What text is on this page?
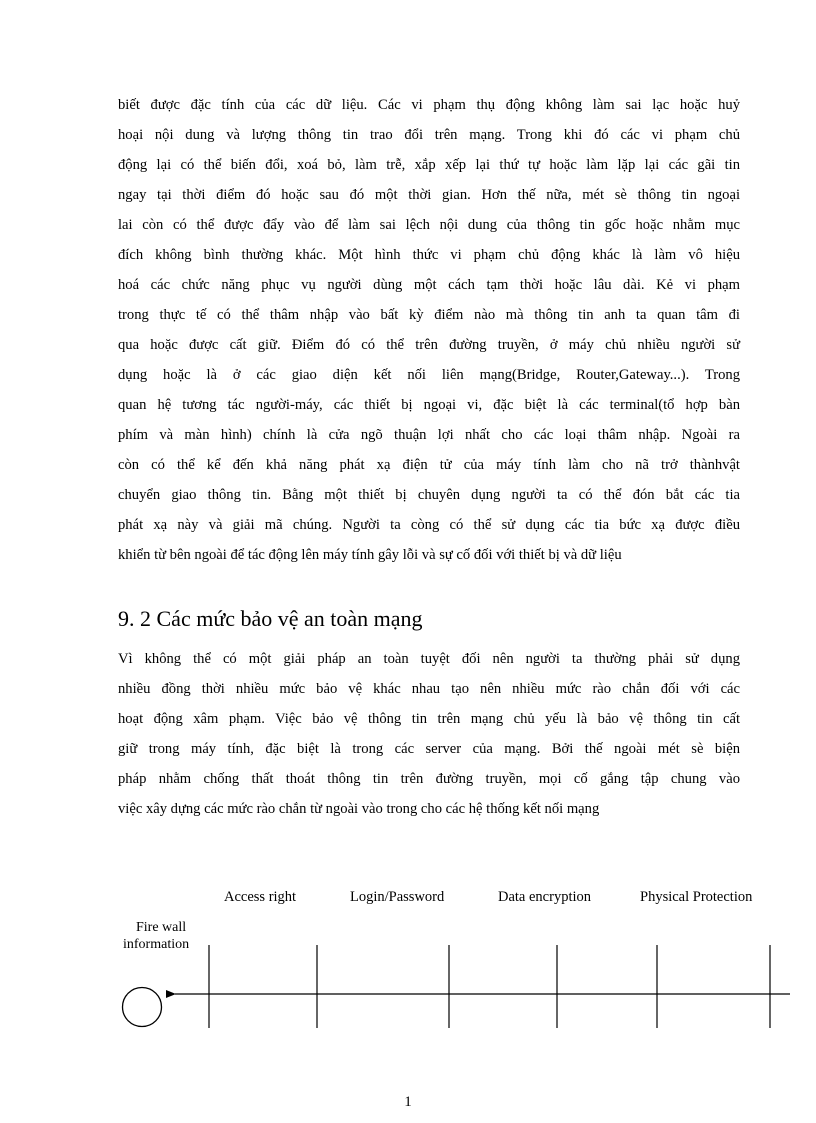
biết được đặc tính của các dữ liệu. Các vi phạm thụ động không làm sai lạc hoặc huỷ
hoại nội dung và lượng thông tin trao đổi trên mạng. Trong khi đó các vi phạm chủ
động lại có thể biến đổi, xoá bỏ, làm trễ, xắp xếp lại thứ tự hoặc làm lặp lại các gãi tin
ngay tại thời điểm đó hoặc sau đó một thời gian. Hơn thế nữa, mét sè thông tin ngoại
lai còn có thể được đẩy vào để làm sai lệch nội dung của thông tin gốc hoặc nhằm mục
đích không bình thường khác. Một hình thức vi phạm chủ động khác là làm vô hiệu
hoá các chức năng phục vụ người dùng một cách tạm thời hoặc lâu dài. Kẻ vi phạm
trong thực tế có thể thâm nhập vào bất kỳ điểm nào mà thông tin anh ta quan tâm đi
qua hoặc được cất giữ. Điểm đó có thể trên đường truyền, ở máy chủ nhiều người sử
dụng hoặc là ở các giao diện kết nối liên mạng(Bridge, Router,Gateway...). Trong
quan hệ tương tác người-máy, các thiết bị ngoại vi, đặc biệt là các terminal(tổ hợp bàn
phím và màn hình) chính là cửa ngõ thuận lợi nhất cho các loại thâm nhập. Ngoài ra
còn có thể kể đến khả năng phát xạ điện tử của máy tính làm cho nã trở thànhvật
chuyển giao thông tin. Bằng một thiết bị chuyên dụng người ta có thể đón bắt các tia
phát xạ này và giải mã chúng. Người ta còng có thể sử dụng các tia bức xạ được điều
khiển từ bên ngoài để tác động lên máy tính gây lỗi và sự cố đối với thiết bị và dữ liệu
9. 2 Các mức bảo vệ an toàn mạng
Vì không thể có một giải pháp an toàn tuyệt đối nên người ta thường phải sử dụng
nhiều đồng thời nhiều mức bảo vệ khác nhau tạo nên nhiều mức rào chắn đối với các
hoạt động xâm phạm. Việc bảo vệ thông tin trên mạng chủ yếu là bảo vệ thông tin cất
giữ trong máy tính, đặc biệt là trong các server của mạng. Bởi thế ngoài mét sè biện
pháp nhằm chống thất thoát thông tin trên đường truyền, mọi cố gắng tập chung vào
việc xây dựng các mức rào chắn từ ngoài vào trong cho các hệ thống kết nối mạng
Access right	Login/Password	Data encryption	Physical Protection
Fire wall
information
1
